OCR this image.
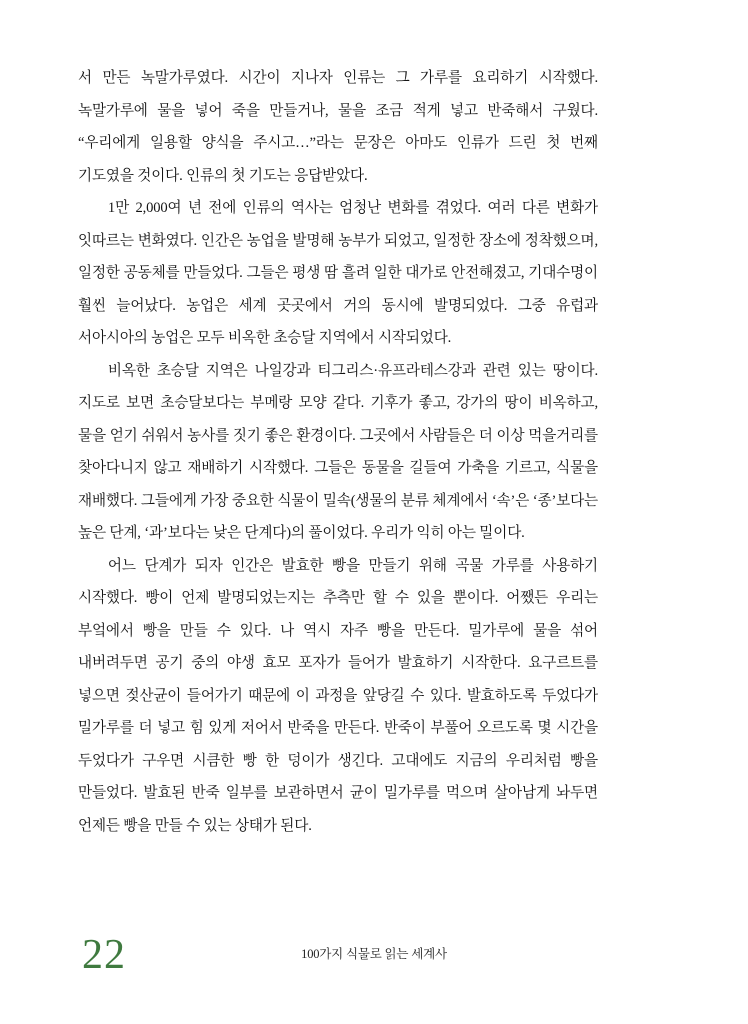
서 만든 녹말가루였다. 시간이 지나자 인류는 그 가루를 요리하기 시작했다. 녹말가루에 물을 넣어 죽을 만들거나, 물을 조금 적게 넣고 반죽해서 구웠다. “우리에게 일용할 양식을 주시고…”라는 문장은 아마도 인류가 드린 첫 번째 기도였을 것이다. 인류의 첫 기도는 응답받았다.

1만 2,000여 년 전에 인류의 역사는 엄청난 변화를 겪었다. 여러 다른 변화가 잇따르는 변화였다. 인간은 농업을 발명해 농부가 되었고, 일정한 장소에 정착했으며, 일정한 공동체를 만들었다. 그들은 평생 땀 흘려 일한 대가로 안전해졌고, 기대수명이 훨씬 늘어났다. 농업은 세계 곳곳에서 거의 동시에 발명되었다. 그중 유럽과 서아시아의 농업은 모두 비옥한 초승달 지역에서 시작되었다.

비옥한 초승달 지역은 나일강과 티그리스·유프라테스강과 관련 있는 땅이다. 지도로 보면 초승달보다는 부메랑 모양 같다. 기후가 좋고, 강가의 땅이 비옥하고, 물을 얻기 쉬워서 농사를 짓기 좋은 환경이다. 그곳에서 사람들은 더 이상 먹을거리를 찾아다니지 않고 재배하기 시작했다. 그들은 동물을 길들여 가축을 기르고, 식물을 재배했다. 그들에게 가장 중요한 식물이 밀속(생물의 분류 체계에서 ‘속’은 ‘종’보다는 높은 단계, ‘과’보다는 낮은 단계다)의 풀이었다. 우리가 익히 아는 밀이다.

어느 단계가 되자 인간은 발효한 빵을 만들기 위해 곡물 가루를 사용하기 시작했다. 빵이 언제 발명되었는지는 추측만 할 수 있을 뿐이다. 어쨌든 우리는 부엌에서 빵을 만들 수 있다. 나 역시 자주 빵을 만든다. 밀가루에 물을 섞어 내버려두면 공기 중의 야생 효모 포자가 들어가 발효하기 시작한다. 요구르트를 넣으면 젖산균이 들어가기 때문에 이 과정을 앞당길 수 있다. 발효하도록 두었다가 밀가루를 더 넣고 힘 있게 저어서 반죽을 만든다. 반죽이 부풀어 오르도록 몇 시간을 두었다가 구우면 시큼한 빵 한 덩이가 생긴다. 고대에도 지금의 우리처럼 빵을 만들었다. 발효된 반죽 일부를 보관하면서 균이 밀가루를 먹으며 살아남게 놔두면 언제든 빵을 만들 수 있는 상태가 된다.

22	100가지 식물로 읽는 세계사
